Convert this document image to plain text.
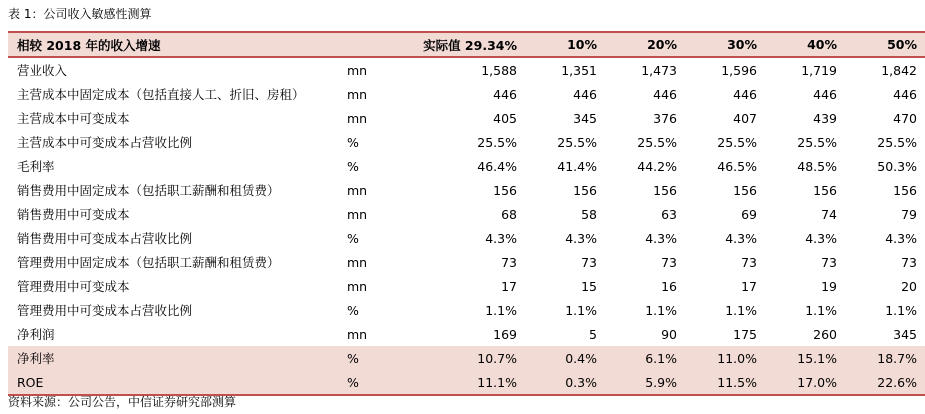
表 1：公司收入敏感性测算
相较 2018 年的收入增速		实际值 29.34%	10%	20%	30%	40%	50%
营业收入	mn	1,588	1,351	1,473	1,596	1,719	1,842
主营成本中固定成本（包括直接人工、折旧、房租）	mn	446	446	446	446	446	446
主营成本中可变成本	mn	405	345	376	407	439	470
主营成本中可变成本占营收比例	%	25.5%	25.5%	25.5%	25.5%	25.5%	25.5%
毛利率	%	46.4%	41.4%	44.2%	46.5%	48.5%	50.3%
销售费用中固定成本（包括职工薪酬和租赁费）	mn	156	156	156	156	156	156
销售费用中可变成本	mn	68	58	63	69	74	79
销售费用中可变成本占营收比例	%	4.3%	4.3%	4.3%	4.3%	4.3%	4.3%
管理费用中固定成本（包括职工薪酬和租赁费）	mn	73	73	73	73	73	73
管理费用中可变成本	mn	17	15	16	17	19	20
管理费用中可变成本占营收比例	%	1.1%	1.1%	1.1%	1.1%	1.1%	1.1%
净利润	mn	169	5	90	175	260	345
净利率	%	10.7%	0.4%	6.1%	11.0%	15.1%	18.7%
ROE	%	11.1%	0.3%	5.9%	11.5%	17.0%	22.6%
资料来源：公司公告，中信证券研究部测算
